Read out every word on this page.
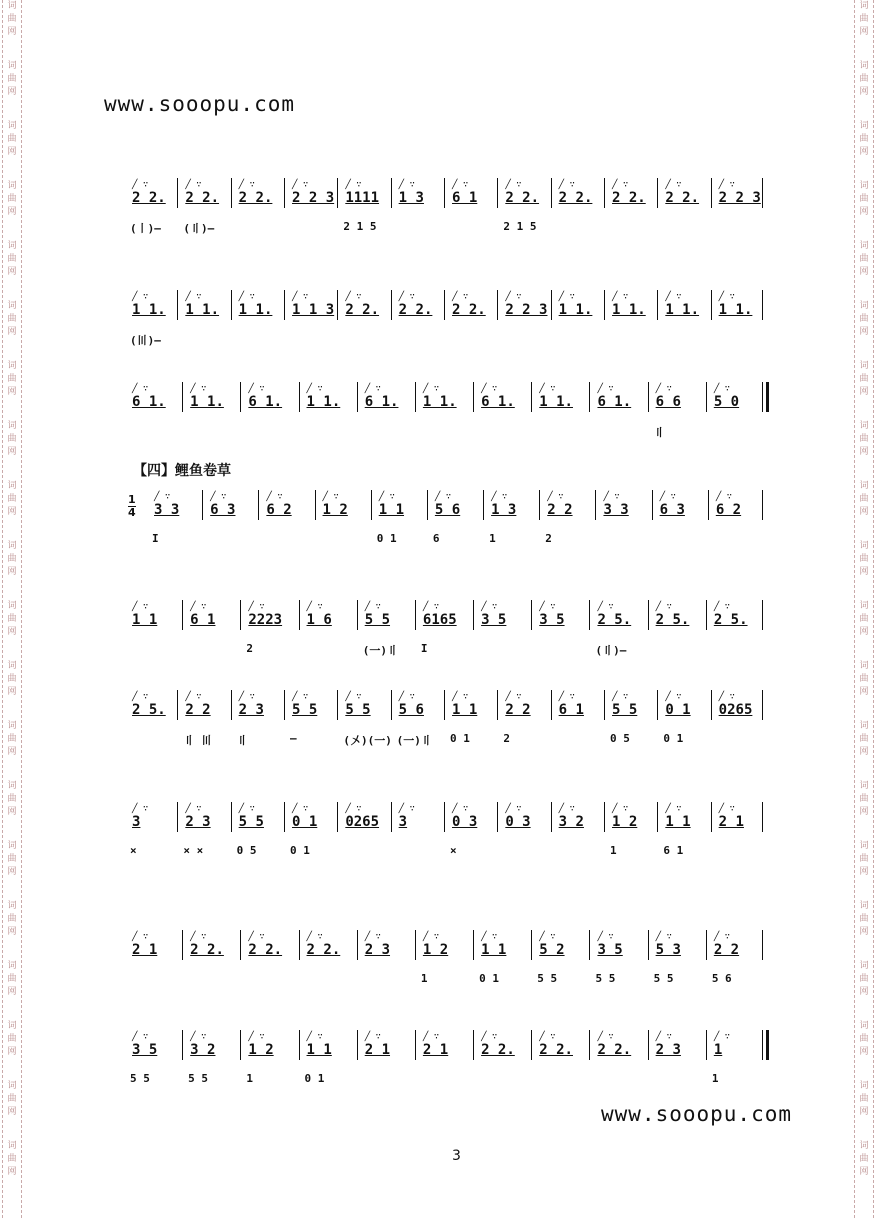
词
曲
网
词
曲
网
词
曲
网
词
曲
网
词
曲
网
词
曲
网
词
曲
网
词
曲
网
词
曲
网
词
曲
网
词
曲
网
词
曲
网
词
曲
网
词
曲
网
词
曲
网
词
曲
网
词
曲
网
词
曲
网
词
曲
网
词
曲
网
词
曲
网
词
曲
网
词
曲
网
词
曲
网
词
曲
网
词
曲
网
词
曲
网
词
曲
网
词
曲
网
词
曲
网
词
曲
网
词
曲
网
词
曲
网
词
曲
网
词
曲
网
词
曲
网
词
曲
网
词
曲
网
词
曲
网
词
曲
网
www.sooopu.com
www.sooopu.com
3
【四】鲤鱼卷草
$\frac{1}{4}$
╱ ∵
2 2.
(〡)—
╱ ∵
2 2.
(〢)—
╱ ∵
2 2.
╱ ∵
2 2 3
╱ ∵
1111
2 1 5
╱ ∵
1 3
╱ ∵
6 1
╱ ∵
2 2.
2 1 5
╱ ∵
2 2.
╱ ∵
2 2.
╱ ∵
2 2.
╱ ∵
2 2 3
╱ ∵
1 1.
(〣)—
╱ ∵
1 1.
╱ ∵
1 1.
╱ ∵
1 1 3
╱ ∵
2 2.
╱ ∵
2 2.
╱ ∵
2 2.
╱ ∵
2 2 3
╱ ∵
1 1.
╱ ∵
1 1.
╱ ∵
1 1.
╱ ∵
1 1.
╱ ∵
6 1.
╱ ∵
1 1.
╱ ∵
6 1.
╱ ∵
1 1.
╱ ∵
6 1.
╱ ∵
1 1.
╱ ∵
6 1.
╱ ∵
1 1.
╱ ∵
6 1.
╱ ∵
6 6
〢
╱ ∵
5 0
╱ ∵
3 3
I
╱ ∵
6 3
╱ ∵
6 2
╱ ∵
1 2
╱ ∵
1 1
0 1
╱ ∵
5 6
6
╱ ∵
1 3
1
╱ ∵
2 2
2
╱ ∵
3 3
╱ ∵
6 3
╱ ∵
6 2
╱ ∵
1 1
╱ ∵
6 1
╱ ∵
2223
2
╱ ∵
1 6
╱ ∵
5 5
(一)〢
╱ ∵
6165
I
╱ ∵
3 5
╱ ∵
3 5
╱ ∵
2 5.
(〢)—
╱ ∵
2 5.
╱ ∵
2 5.
╱ ∵
2 5.
╱ ∵
2 2
〢 〣
╱ ∵
2 3
〢
╱ ∵
5 5
—
╱ ∵
5 5
(〤)(一)
╱ ∵
5 6
(一)〢
╱ ∵
1 1
0 1
╱ ∵
2 2
2
╱ ∵
6 1
╱ ∵
5 5
0 5
╱ ∵
0 1
0 1
╱ ∵
0265
╱ ∵
3
×
╱ ∵
2 3
× ×
╱ ∵
5 5
0 5
╱ ∵
0 1
0 1
╱ ∵
0265
╱ ∵
3
╱ ∵
0 3
×
╱ ∵
0 3
╱ ∵
3 2
╱ ∵
1 2
1
╱ ∵
1 1
6 1
╱ ∵
2 1
╱ ∵
2 1
╱ ∵
2 2.
╱ ∵
2 2.
╱ ∵
2 2.
╱ ∵
2 3
╱ ∵
1 2
1
╱ ∵
1 1
0 1
╱ ∵
5 2
5 5
╱ ∵
3 5
5 5
╱ ∵
5 3
5 5
╱ ∵
2 2
5 6
╱ ∵
3 5
5 5
╱ ∵
3 2
5 5
╱ ∵
1 2
1
╱ ∵
1 1
0 1
╱ ∵
2 1
╱ ∵
2 1
╱ ∵
2 2.
╱ ∵
2 2.
╱ ∵
2 2.
╱ ∵
2 3
╱ ∵
1
1
